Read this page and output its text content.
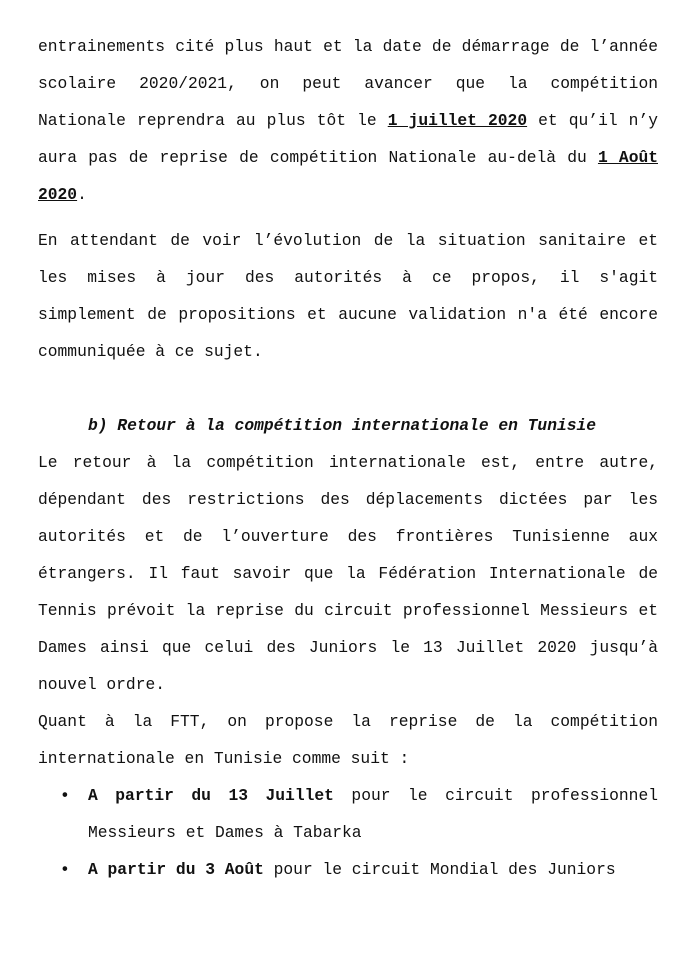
entrainements cité plus haut et la date de démarrage de l’année scolaire 2020/2021, on peut avancer que la compétition Nationale reprendra au plus tôt le 1 juillet 2020 et qu’il n’y aura pas de reprise de compétition Nationale au-delà du 1 Août 2020.

En attendant de voir l’évolution de la situation sanitaire et les mises à jour des autorités à ce propos, il s'agit simplement de propositions et aucune validation n'a été encore communiquée à ce sujet.

b) Retour à la compétition internationale en Tunisie

Le retour à la compétition internationale est, entre autre, dépendant des restrictions des déplacements dictées par les autorités et de l’ouverture des frontières Tunisienne aux étrangers. Il faut savoir que la Fédération Internationale de Tennis prévoit la reprise du circuit professionnel Messieurs et Dames ainsi que celui des Juniors le 13 Juillet 2020 jusqu’à nouvel ordre.

Quant à la FTT, on propose la reprise de la compétition internationale en Tunisie comme suit :

• A partir du 13 Juillet pour le circuit professionnel Messieurs et Dames à Tabarka
• A partir du 3 Août pour le circuit Mondial des Juniors
